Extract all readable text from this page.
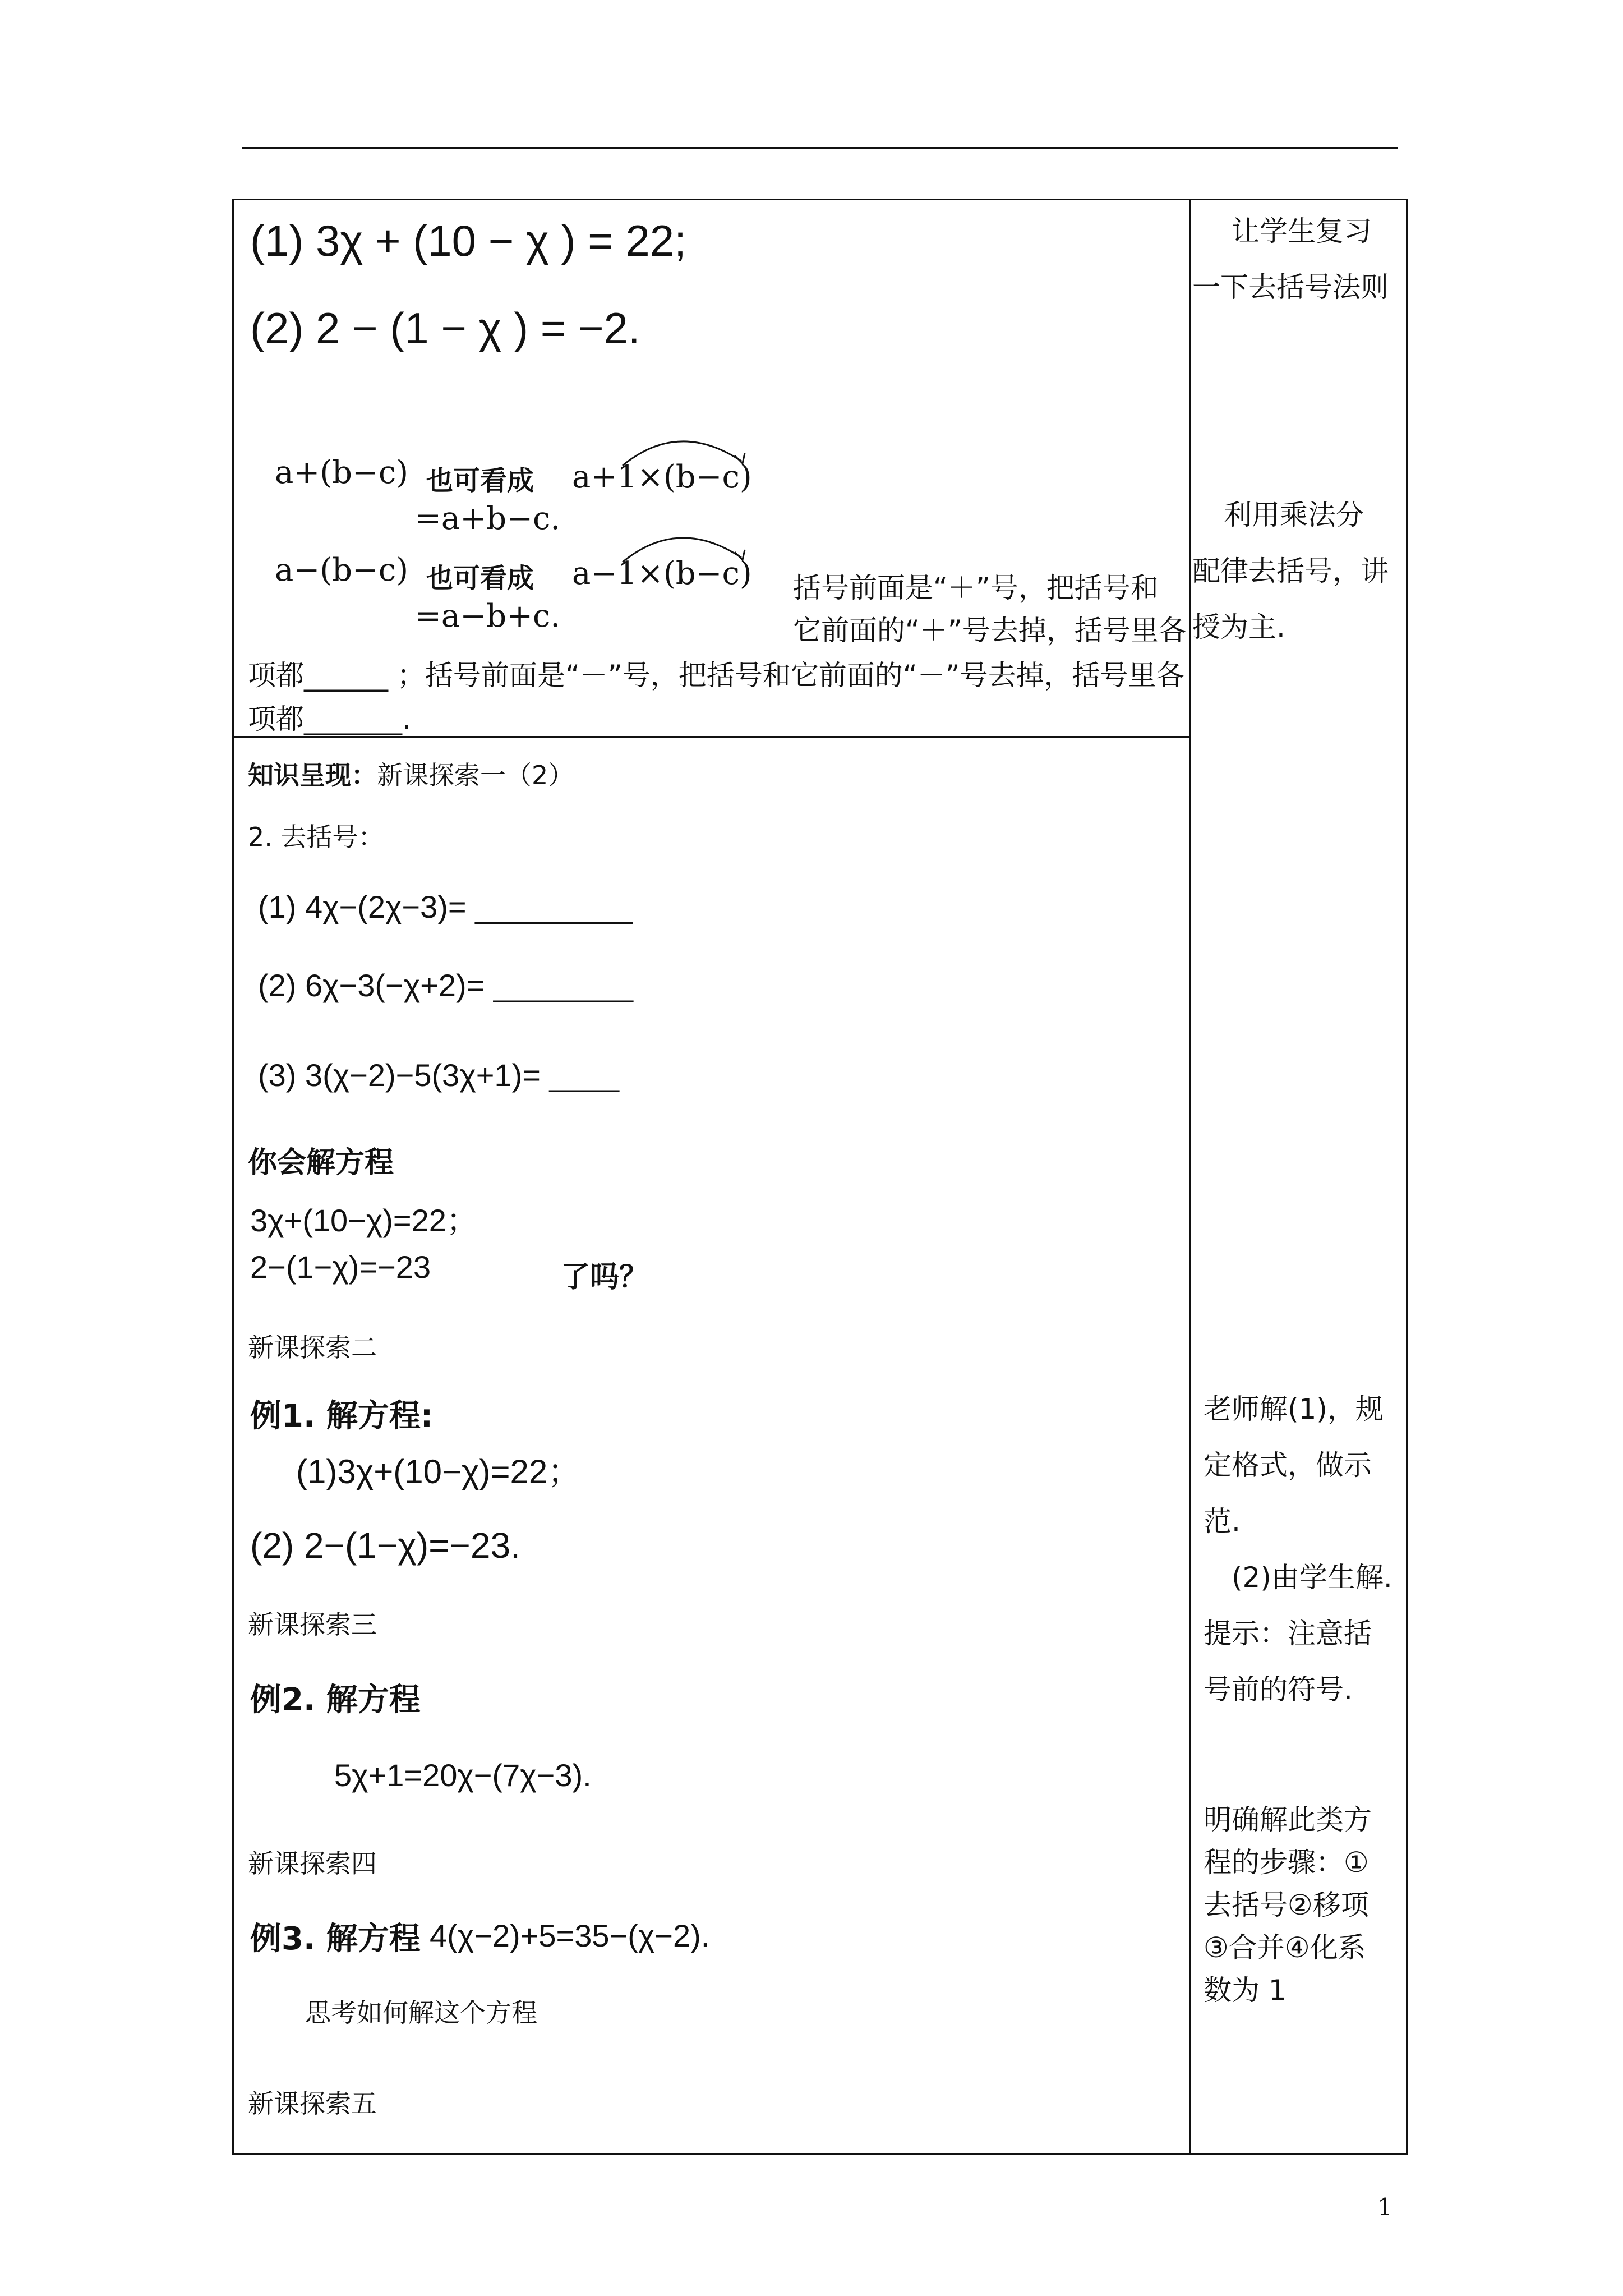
(1) 3χ + (10 − χ ) = 22;
(2) 2 − (1 − χ ) = −2.
a+(b−c) 也可看成 a+1×(b−c)
=a+b−c.
a−(b−c) 也可看成 a−1×(b−c)
=a−b+c.
括号前面是“＋”号，把括号和
它前面的“＋”号去掉，括号里各
项都______ ；括号前面是“－”号，把括号和它前面的“－”号去掉，括号里各
项都_______.
知识呈现：新课探索一（2）
2. 去括号：
(1) 4χ−(2χ−3)= _________
(2) 6χ−3(−χ+2)= ________
(3) 3(χ−2)−5(3χ+1)= ____
你会解方程
3χ+(10−χ)=22；
2−(1−χ)=−23	了吗？
新课探索二
例1. 解方程:
(1)3χ+(10−χ)=22；
(2) 2−(1−χ)=−23.
新课探索三
例2. 解方程
5χ+1=20χ−(7χ−3).
新课探索四
例3. 解方程 4(χ−2)+5=35−(χ−2).
思考如何解这个方程
新课探索五
让学生复习
一下去括号法则
利用乘法分
配律去括号，讲
授为主.
老师解(1)，规
定格式，做示
范.
(2)由学生解.
提示：注意括
号前的符号.
明确解此类方
程的步骤：①
去括号②移项
③合并④化系
数为 1
1
